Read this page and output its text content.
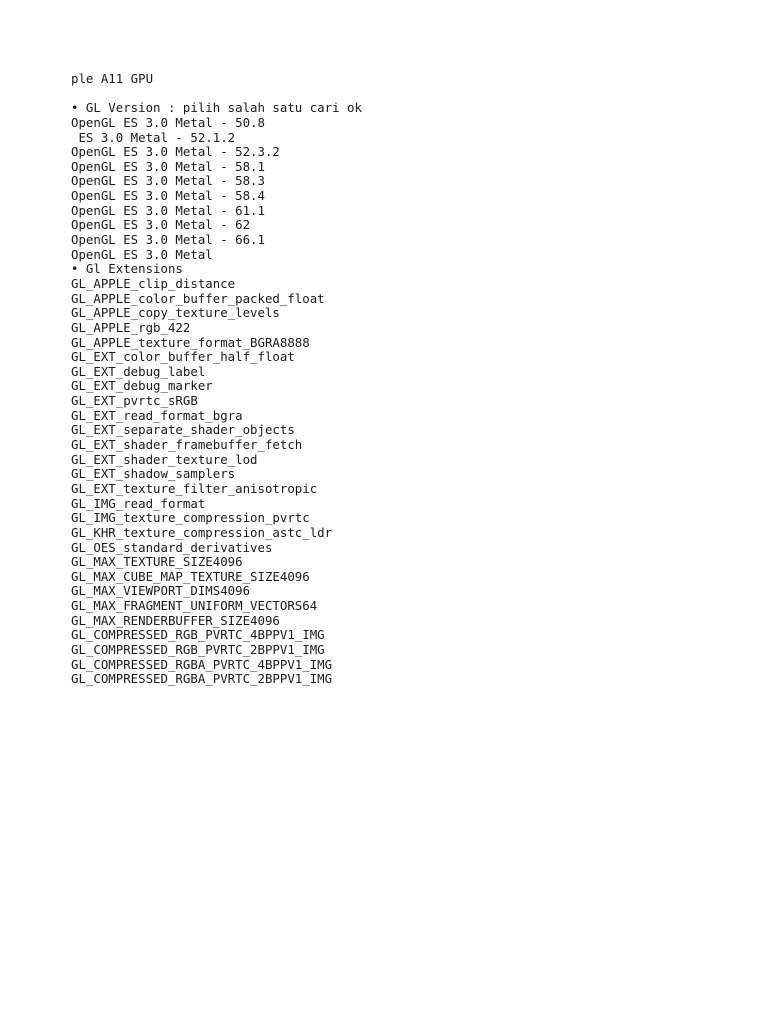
ple A11 GPU
• GL Version : pilih salah satu cari ok
OpenGL ES 3.0 Metal - 50.8
ES 3.0 Metal - 52.1.2
OpenGL ES 3.0 Metal - 52.3.2
OpenGL ES 3.0 Metal - 58.1
OpenGL ES 3.0 Metal - 58.3
OpenGL ES 3.0 Metal - 58.4
OpenGL ES 3.0 Metal - 61.1
OpenGL ES 3.0 Metal - 62
OpenGL ES 3.0 Metal - 66.1
OpenGL ES 3.0 Metal
• Gl Extensions
GL_APPLE_clip_distance
GL_APPLE_color_buffer_packed_float
GL_APPLE_copy_texture_levels
GL_APPLE_rgb_422
GL_APPLE_texture_format_BGRA8888
GL_EXT_color_buffer_half_float
GL_EXT_debug_label
GL_EXT_debug_marker
GL_EXT_pvrtc_sRGB
GL_EXT_read_format_bgra
GL_EXT_separate_shader_objects
GL_EXT_shader_framebuffer_fetch
GL_EXT_shader_texture_lod
GL_EXT_shadow_samplers
GL_EXT_texture_filter_anisotropic
GL_IMG_read_format
GL_IMG_texture_compression_pvrtc
GL_KHR_texture_compression_astc_ldr
GL_OES_standard_derivatives
GL_MAX_TEXTURE_SIZE4096
GL_MAX_CUBE_MAP_TEXTURE_SIZE4096
GL_MAX_VIEWPORT_DIMS4096
GL_MAX_FRAGMENT_UNIFORM_VECTORS64
GL_MAX_RENDERBUFFER_SIZE4096
GL_COMPRESSED_RGB_PVRTC_4BPPV1_IMG
GL_COMPRESSED_RGB_PVRTC_2BPPV1_IMG
GL_COMPRESSED_RGBA_PVRTC_4BPPV1_IMG
GL_COMPRESSED_RGBA_PVRTC_2BPPV1_IMG
